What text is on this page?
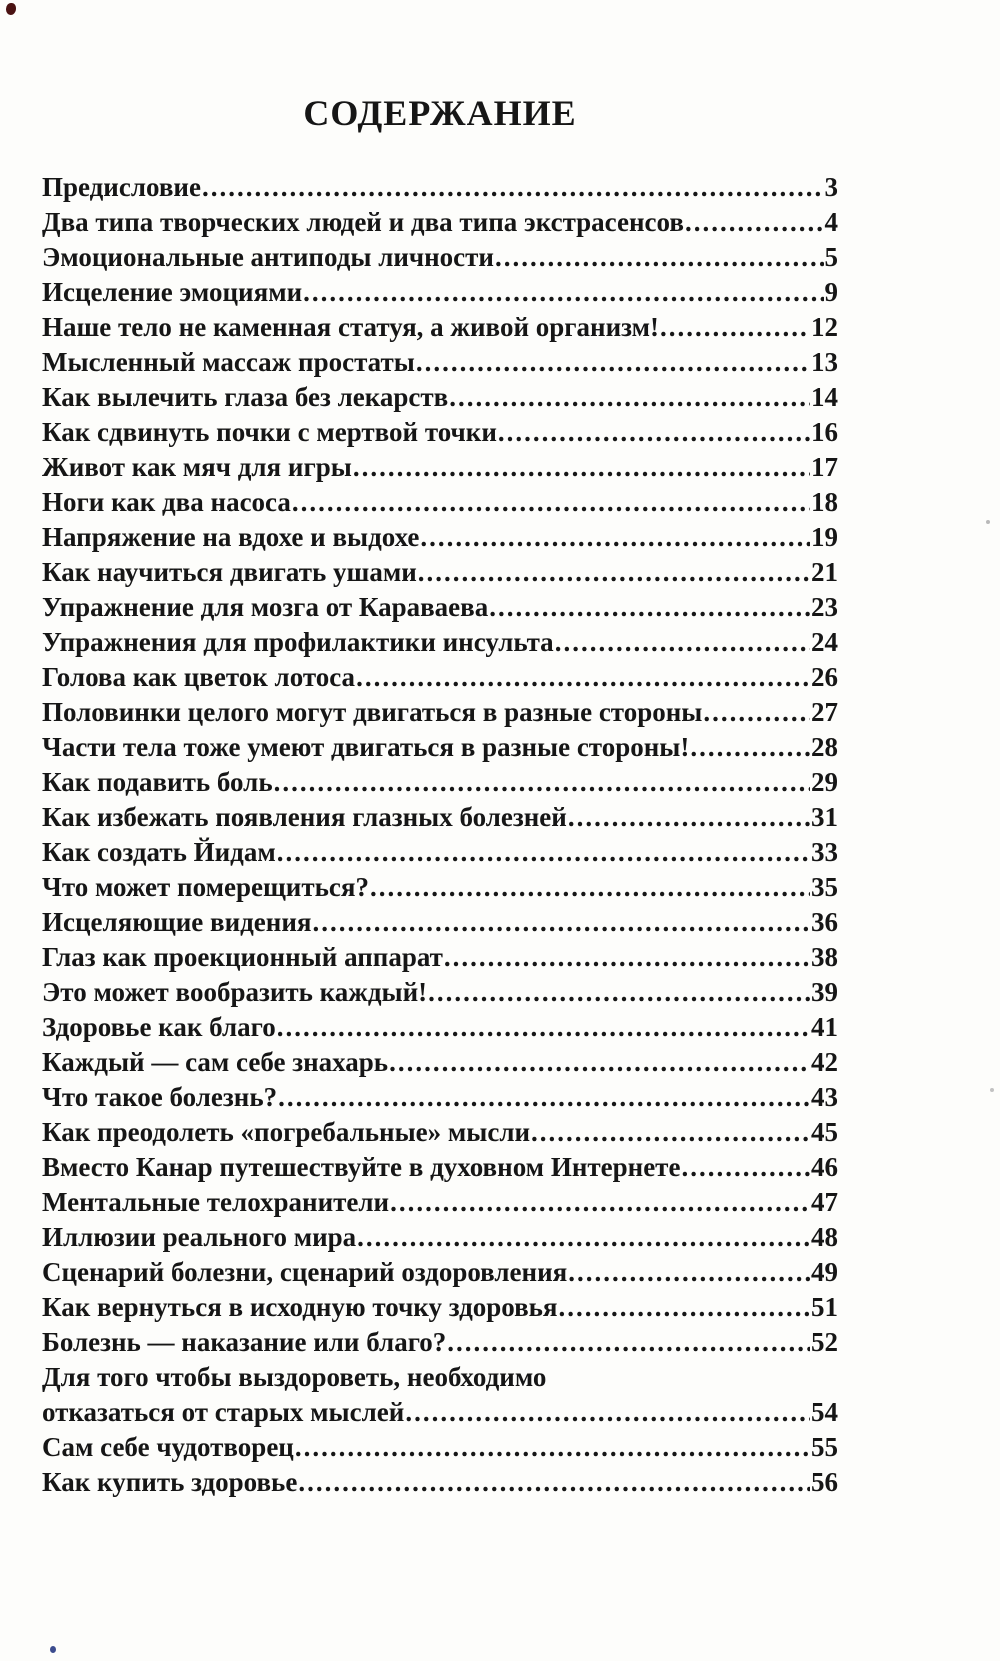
СОДЕРЖАНИЕ
Предисловие .....	3
Два типа творческих людей и два типа экстрасенсов .....	4
Эмоциональные антиподы личности .....	5
Исцеление эмоциями .....	9
Наше тело не каменная статуя, а живой организм! .....	12
Мысленный массаж простаты .....	13
Как вылечить глаза без лекарств .....	14
Как сдвинуть почки с мертвой точки .....	16
Живот как мяч для игры .....	17
Ноги как два насоса .....	18
Напряжение на вдохе и выдохе .....	19
Как научиться двигать ушами .....	21
Упражнение для мозга от Караваева .....	23
Упражнения для профилактики инсульта .....	24
Голова как цветок лотоса .....	26
Половинки целого могут двигаться в разные стороны .....	27
Части тела тоже умеют двигаться в разные стороны! .....	28
Как подавить боль .....	29
Как избежать появления глазных болезней .....	31
Как создать Йидам .....	33
Что может померещиться? .....	35
Исцеляющие видения .....	36
Глаз как проекционный аппарат .....	38
Это может вообразить каждый! .....	39
Здоровье как благо .....	41
Каждый — сам себе знахарь .....	42
Что такое болезнь? .....	43
Как преодолеть «погребальные» мысли .....	45
Вместо Канар путешествуйте в духовном Интернете .....	46
Ментальные телохранители .....	47
Иллюзии реального мира .....	48
Сценарий болезни, сценарий оздоровления .....	49
Как вернуться в исходную точку здоровья .....	51
Болезнь — наказание или благо? .....	52
Для того чтобы выздороветь, необходимо
отказаться от старых мыслей .....	54
Сам себе чудотворец .....	55
Как купить здоровье .....	56
